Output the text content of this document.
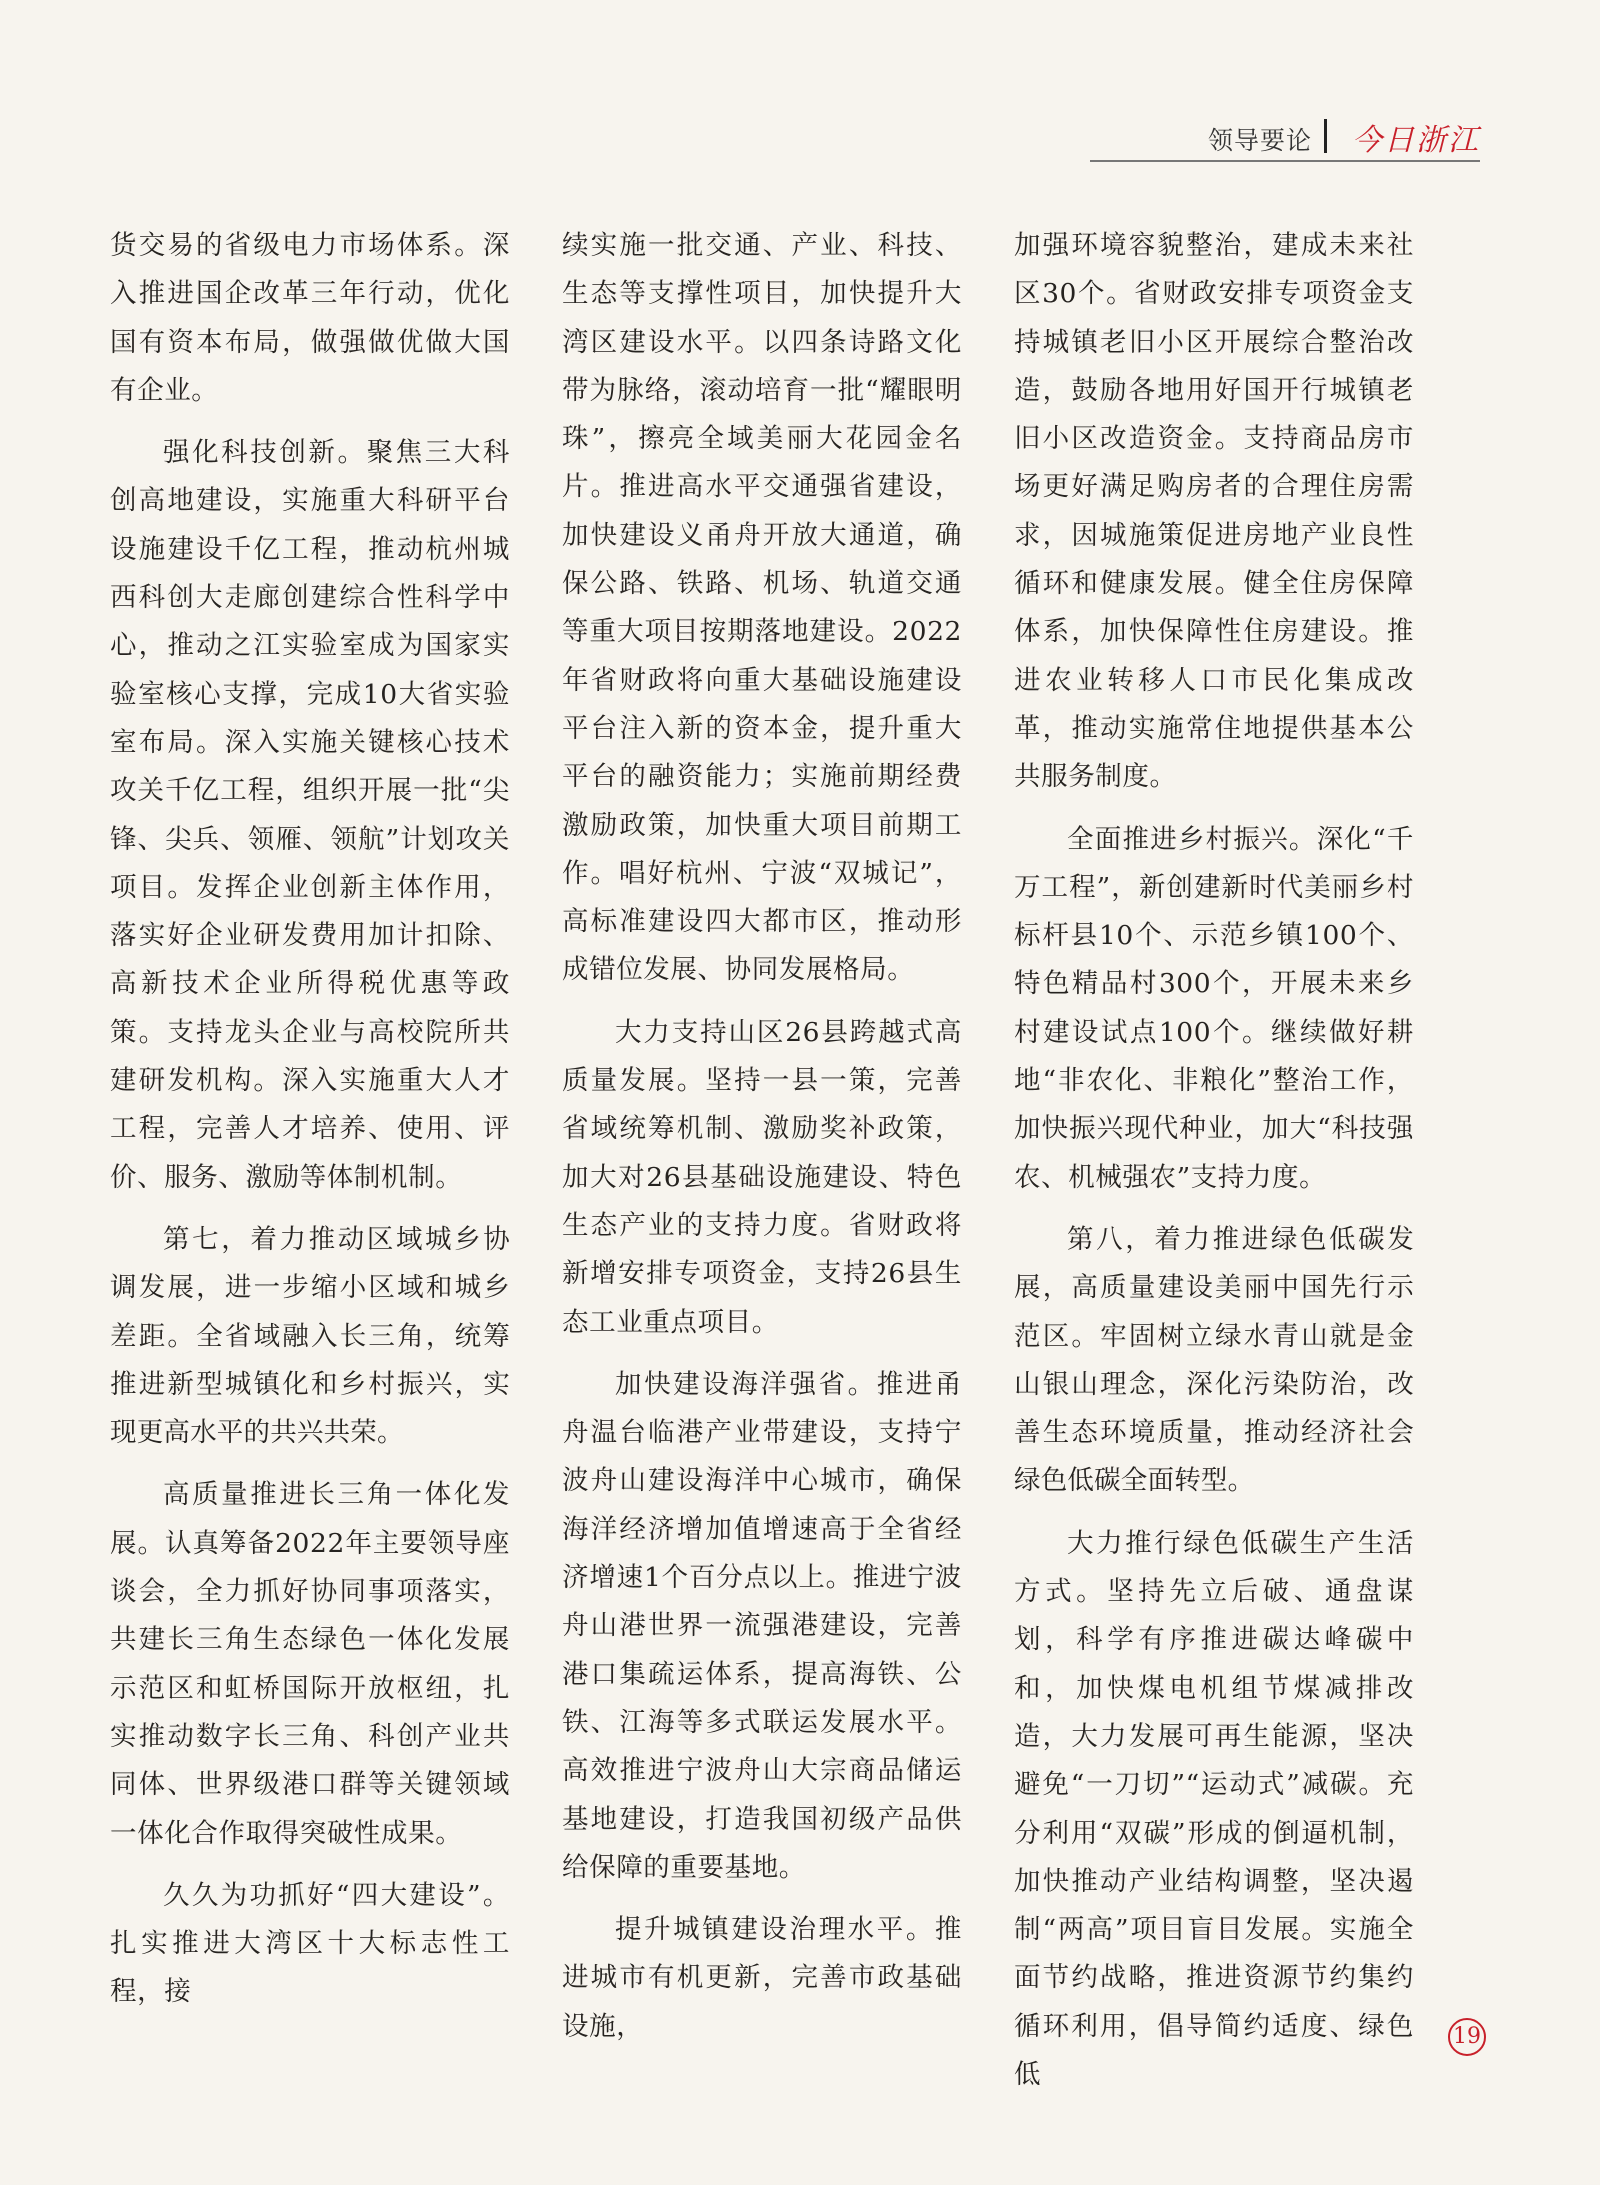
领导要论 今日浙江

货交易的省级电力市场体系。深入推进国企改革三年行动，优化国有资本布局，做强做优做大国有企业。

强化科技创新。聚焦三大科创高地建设，实施重大科研平台设施建设千亿工程，推动杭州城西科创大走廊创建综合性科学中心，推动之江实验室成为国家实验室核心支撑，完成10大省实验室布局。深入实施关键核心技术攻关千亿工程，组织开展一批“尖锋、尖兵、领雁、领航”计划攻关项目。发挥企业创新主体作用，落实好企业研发费用加计扣除、高新技术企业所得税优惠等政策。支持龙头企业与高校院所共建研发机构。深入实施重大人才工程，完善人才培养、使用、评价、服务、激励等体制机制。

第七，着力推动区域城乡协调发展，进一步缩小区域和城乡差距。全省域融入长三角，统筹推进新型城镇化和乡村振兴，实现更高水平的共兴共荣。

高质量推进长三角一体化发展。认真筹备2022年主要领导座谈会，全力抓好协同事项落实，共建长三角生态绿色一体化发展示范区和虹桥国际开放枢纽，扎实推动数字长三角、科创产业共同体、世界级港口群等关键领域一体化合作取得突破性成果。

久久为功抓好“四大建设”。扎实推进大湾区十大标志性工程，接

续实施一批交通、产业、科技、生态等支撑性项目，加快提升大湾区建设水平。以四条诗路文化带为脉络，滚动培育一批“耀眼明珠”，擦亮全域美丽大花园金名片。推进高水平交通强省建设，加快建设义甬舟开放大通道，确保公路、铁路、机场、轨道交通等重大项目按期落地建设。2022年省财政将向重大基础设施建设平台注入新的资本金，提升重大平台的融资能力；实施前期经费激励政策，加快重大项目前期工作。唱好杭州、宁波“双城记”，高标准建设四大都市区，推动形成错位发展、协同发展格局。

大力支持山区26县跨越式高质量发展。坚持一县一策，完善省域统筹机制、激励奖补政策，加大对26县基础设施建设、特色生态产业的支持力度。省财政将新增安排专项资金，支持26县生态工业重点项目。

加快建设海洋强省。推进甬舟温台临港产业带建设，支持宁波舟山建设海洋中心城市，确保海洋经济增加值增速高于全省经济增速1个百分点以上。推进宁波舟山港世界一流强港建设，完善港口集疏运体系，提高海铁、公铁、江海等多式联运发展水平。高效推进宁波舟山大宗商品储运基地建设，打造我国初级产品供给保障的重要基地。

提升城镇建设治理水平。推进城市有机更新，完善市政基础设施，

加强环境容貌整治，建成未来社区30个。省财政安排专项资金支持城镇老旧小区开展综合整治改造，鼓励各地用好国开行城镇老旧小区改造资金。支持商品房市场更好满足购房者的合理住房需求，因城施策促进房地产业良性循环和健康发展。健全住房保障体系，加快保障性住房建设。推进农业转移人口市民化集成改革，推动实施常住地提供基本公共服务制度。

全面推进乡村振兴。深化“千万工程”，新创建新时代美丽乡村标杆县10个、示范乡镇100个、特色精品村300个，开展未来乡村建设试点100个。继续做好耕地“非农化、非粮化”整治工作，加快振兴现代种业，加大“科技强农、机械强农”支持力度。

第八，着力推进绿色低碳发展，高质量建设美丽中国先行示范区。牢固树立绿水青山就是金山银山理念，深化污染防治，改善生态环境质量，推动经济社会绿色低碳全面转型。

大力推行绿色低碳生产生活方式。坚持先立后破、通盘谋划，科学有序推进碳达峰碳中和，加快煤电机组节煤减排改造，大力发展可再生能源，坚决避免“一刀切”“运动式”减碳。充分利用“双碳”形成的倒逼机制，加快推动产业结构调整，坚决遏制“两高”项目盲目发展。实施全面节约战略，推进资源节约集约循环利用，倡导简约适度、绿色低

19
